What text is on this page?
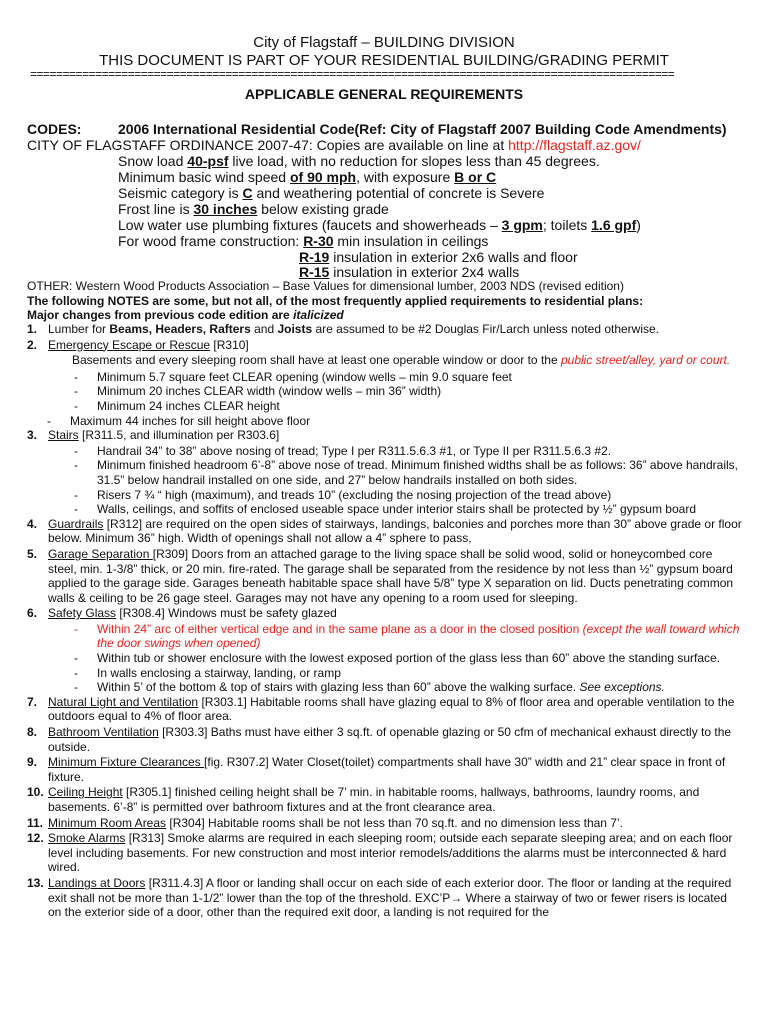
City of Flagstaff – BUILDING DIVISION
THIS DOCUMENT IS PART OF YOUR RESIDENTIAL BUILDING/GRADING PERMIT
===================================================================================================
APPLICABLE GENERAL REQUIREMENTS
CODES:	2006 International Residential Code(Ref: City of Flagstaff 2007 Building Code Amendments)
CITY OF FLAGSTAFF ORDINANCE 2007-47: Copies are available on line at http://flagstaff.az.gov/
Snow load 40-psf live load, with no reduction for slopes less than 45 degrees.
Minimum basic wind speed of 90 mph, with exposure B or C
Seismic category is C and weathering potential of concrete is Severe
Frost line is 30 inches below existing grade
Low water use plumbing fixtures (faucets and showerheads – 3 gpm; toilets 1.6 gpf)
For wood frame construction: R-30 min insulation in ceilings
R-19 insulation in exterior 2x6 walls and floor
R-15 insulation in exterior 2x4 walls
OTHER: Western Wood Products Association – Base Values for dimensional lumber, 2003 NDS (revised edition)
The following NOTES are some, but not all, of the most frequently applied requirements to residential plans:
Major changes from previous code edition are italicized
1. Lumber for Beams, Headers, Rafters and Joists are assumed to be #2 Douglas Fir/Larch unless noted otherwise.
2. Emergency Escape or Rescue [R310]
Basements and every sleeping room shall have at least one operable window or door to the public street/alley, yard or court.
- Minimum 5.7 square feet CLEAR opening (window wells – min 9.0 square feet
- Minimum 20 inches CLEAR width (window wells – min 36” width)
- Minimum 24 inches CLEAR height
- Maximum 44 inches for sill height above floor
3. Stairs [R311.5, and illumination per R303.6]
- Handrail 34” to 38” above nosing of tread; Type I per R311.5.6.3 #1, or Type II per R311.5.6.3 #2.
- Minimum finished headroom 6’-8” above nose of tread. Minimum finished widths shall be as follows: 36” above handrails, 31.5” below handrail installed on one side, and 27” below handrails installed on both sides.
- Risers 7 ¾ “ high (maximum), and treads 10” (excluding the nosing projection of the tread above)
- Walls, ceilings, and soffits of enclosed useable space under interior stairs shall be protected by ½” gypsum board
4. Guardrails [R312] are required on the open sides of stairways, landings, balconies and porches more than 30” above grade or floor below. Minimum 36” high. Width of openings shall not allow a 4” sphere to pass,
5. Garage Separation [R309] Doors from an attached garage to the living space shall be solid wood, solid or honeycombed core steel, min. 1-3/8” thick, or 20 min. fire-rated. The garage shall be separated from the residence by not less than ½” gypsum board applied to the garage side. Garages beneath habitable space shall have 5/8” type X separation on lid. Ducts penetrating common walls & ceiling to be 26 gage steel. Garages may not have any opening to a room used for sleeping.
6. Safety Glass [R308.4] Windows must be safety glazed
- Within 24” arc of either vertical edge and in the same plane as a door in the closed position (except the wall toward which the door swings when opened)
- Within tub or shower enclosure with the lowest exposed portion of the glass less than 60” above the standing surface.
- In walls enclosing a stairway, landing, or ramp
- Within 5’ of the bottom & top of stairs with glazing less than 60” above the walking surface. See exceptions.
7. Natural Light and Ventilation [R303.1] Habitable rooms shall have glazing equal to 8% of floor area and operable ventilation to the outdoors equal to 4% of floor area.
8. Bathroom Ventilation [R303.3] Baths must have either 3 sq.ft. of openable glazing or 50 cfm of mechanical exhaust directly to the outside.
9. Minimum Fixture Clearances [fig. R307.2] Water Closet(toilet) compartments shall have 30” width and 21” clear space in front of fixture.
10. Ceiling Height [R305.1] finished ceiling height shall be 7’ min. in habitable rooms, hallways, bathrooms, laundry rooms, and basements. 6’-8” is permitted over bathroom fixtures and at the front clearance area.
11. Minimum Room Areas [R304] Habitable rooms shall be not less than 70 sq.ft. and no dimension less than 7’.
12. Smoke Alarms [R313] Smoke alarms are required in each sleeping room; outside each separate sleeping area; and on each floor level including basements. For new construction and most interior remodels/additions the alarms must be interconnected & hard wired.
13. Landings at Doors [R311.4.3] A floor or landing shall occur on each side of each exterior door. The floor or landing at the required exit shall not be more than 1-1/2” lower than the top of the threshold. EXC’P→ Where a stairway of two or fewer risers is located on the exterior side of a door, other than the required exit door, a landing is not required for the
